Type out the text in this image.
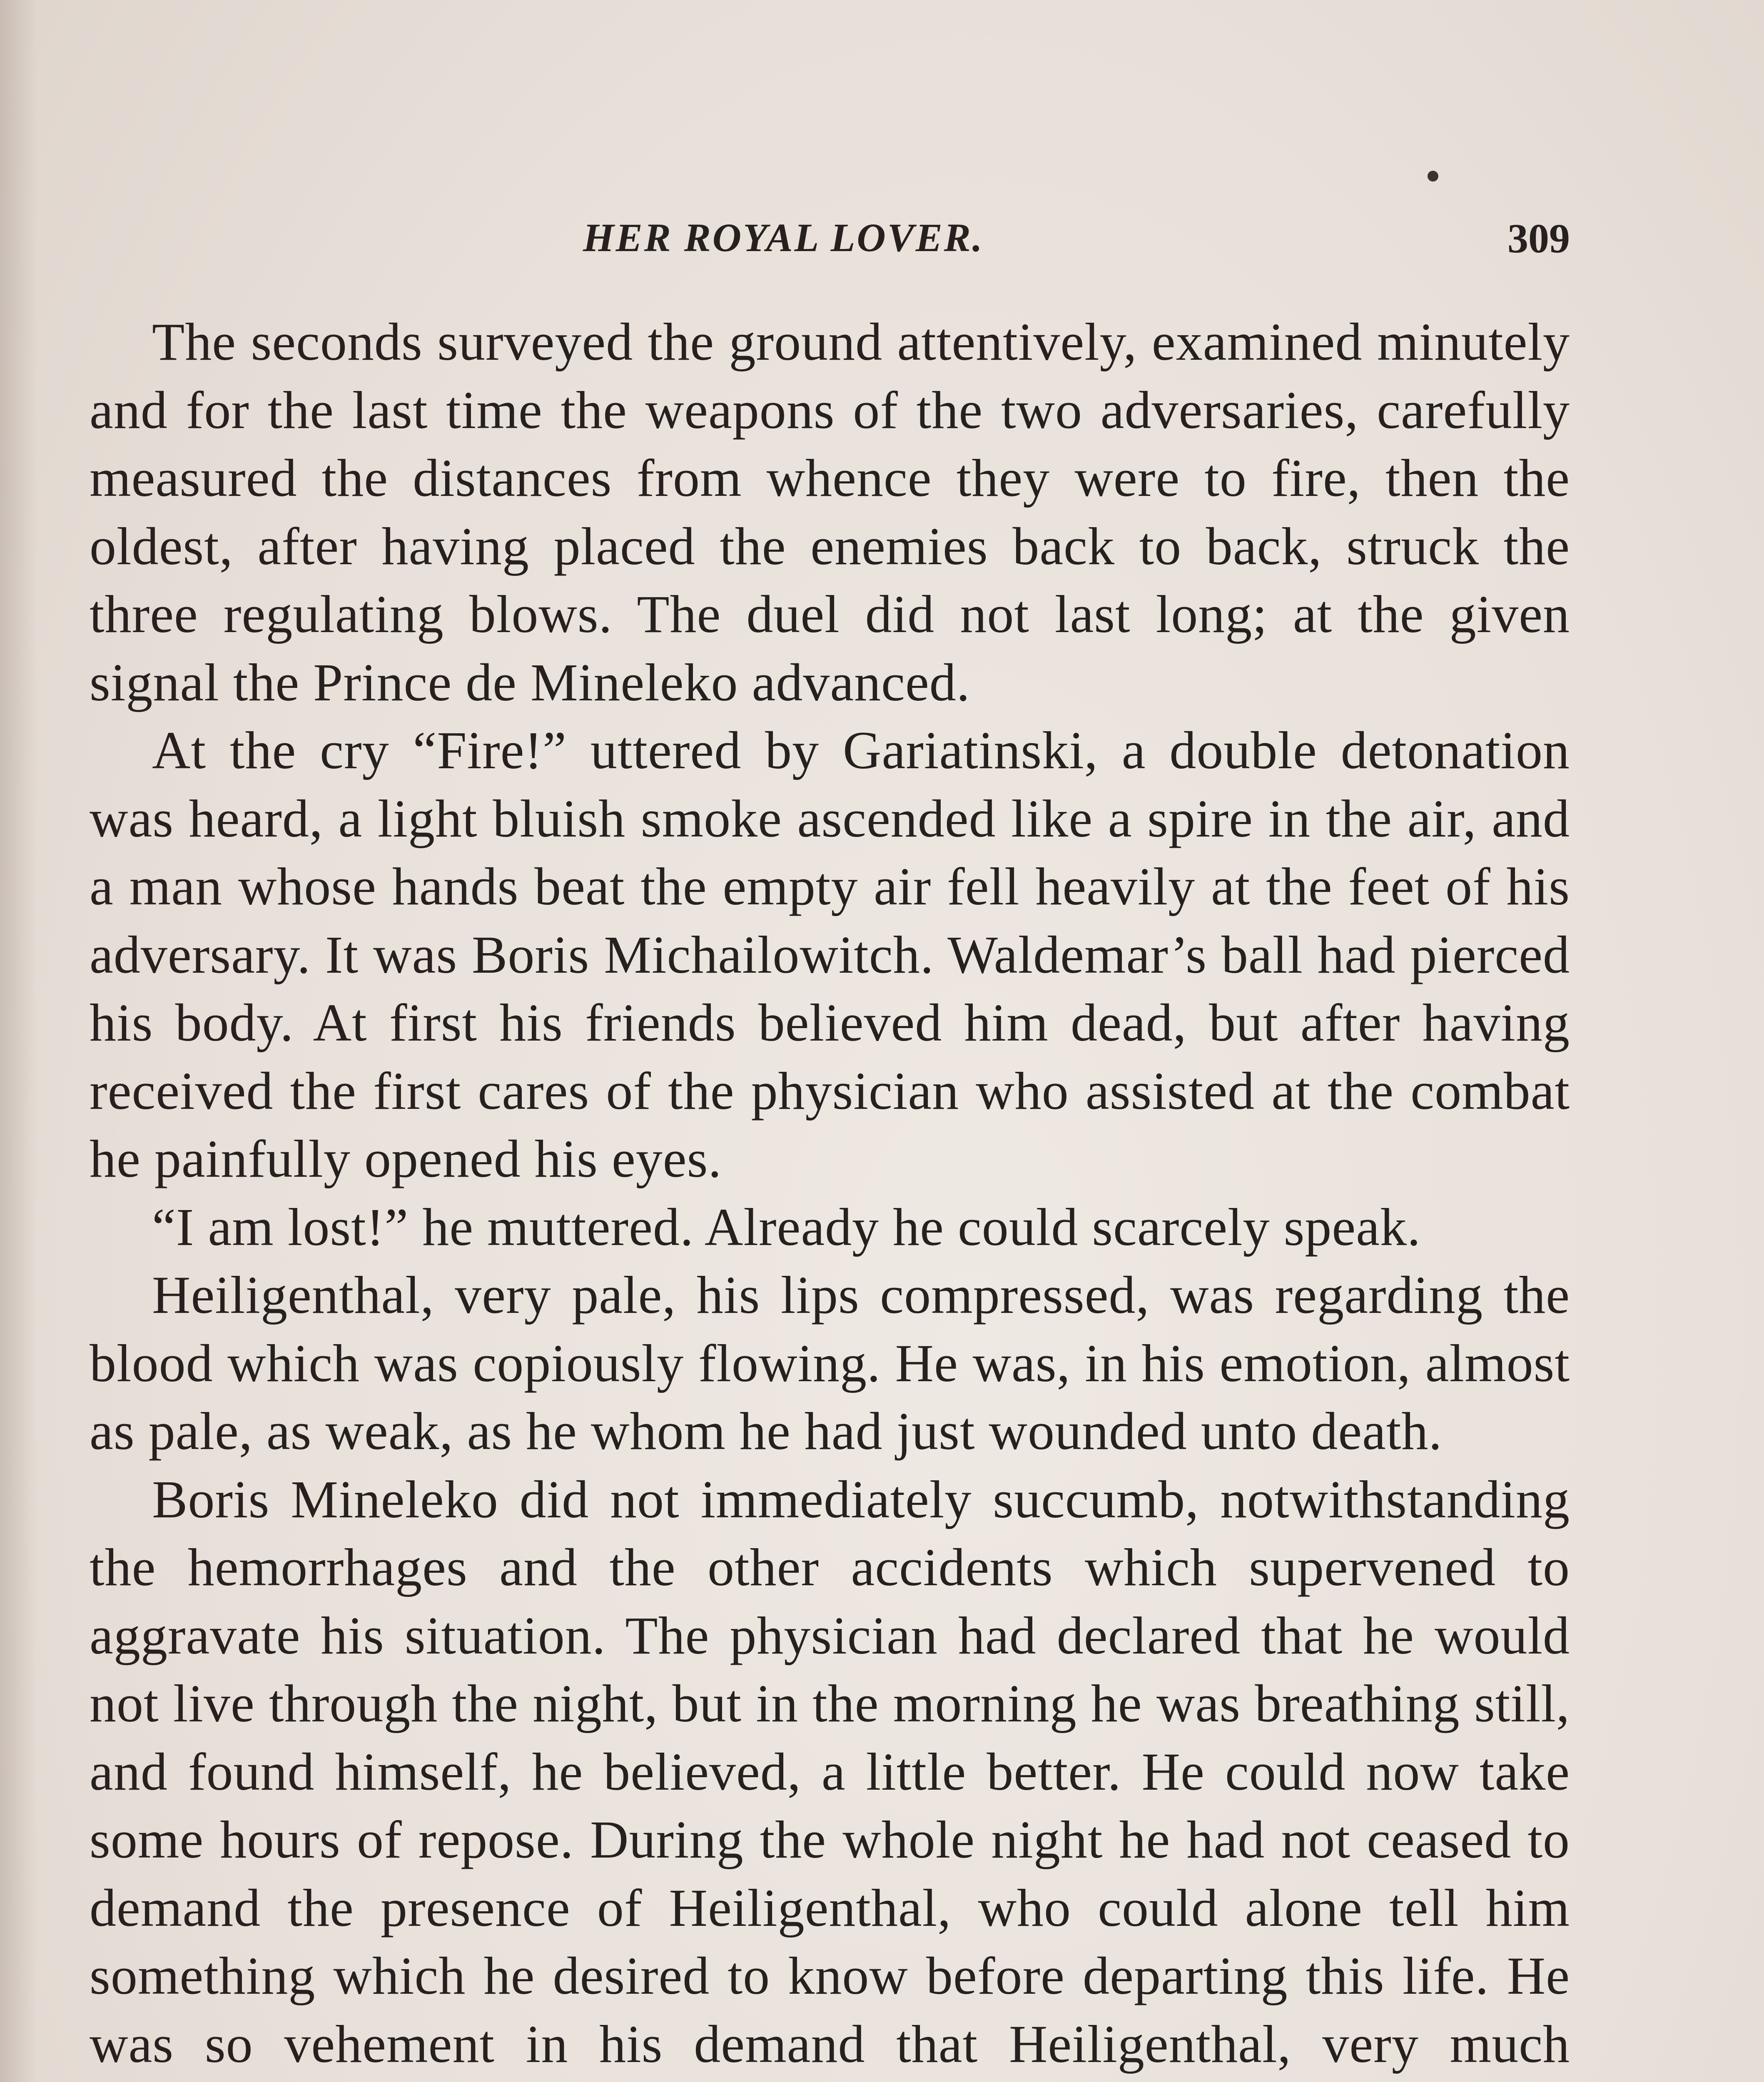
HER ROYAL LOVER.	309

The seconds surveyed the ground attentively, examined minutely and for the last time the weapons of the two adversaries, carefully measured the distances from whence they were to fire, then the oldest, after having placed the enemies back to back, struck the three regulating blows. The duel did not last long; at the given signal the Prince de Mineleko advanced.

At the cry “Fire!” uttered by Gariatinski, a double detonation was heard, a light bluish smoke ascended like a spire in the air, and a man whose hands beat the empty air fell heavily at the feet of his adversary. It was Boris Michailowitch. Waldemar’s ball had pierced his body. At first his friends believed him dead, but after having received the first cares of the physician who assisted at the combat he painfully opened his eyes.

“I am lost!” he muttered. Already he could scarcely speak.

Heiligenthal, very pale, his lips compressed, was regarding the blood which was copiously flowing. He was, in his emotion, almost as pale, as weak, as he whom he had just wounded unto death.

Boris Mineleko did not immediately succumb, notwithstanding the hemorrhages and the other accidents which supervened to aggravate his situation. The physician had declared that he would not live through the night, but in the morning he was breathing still, and found himself, he believed, a little better. He could now take some hours of repose. During the whole night he had not ceased to demand the presence of Heiligenthal, who could alone tell him something which he desired to know before departing this life. He was so vehement in his demand that Heiligenthal, very much
